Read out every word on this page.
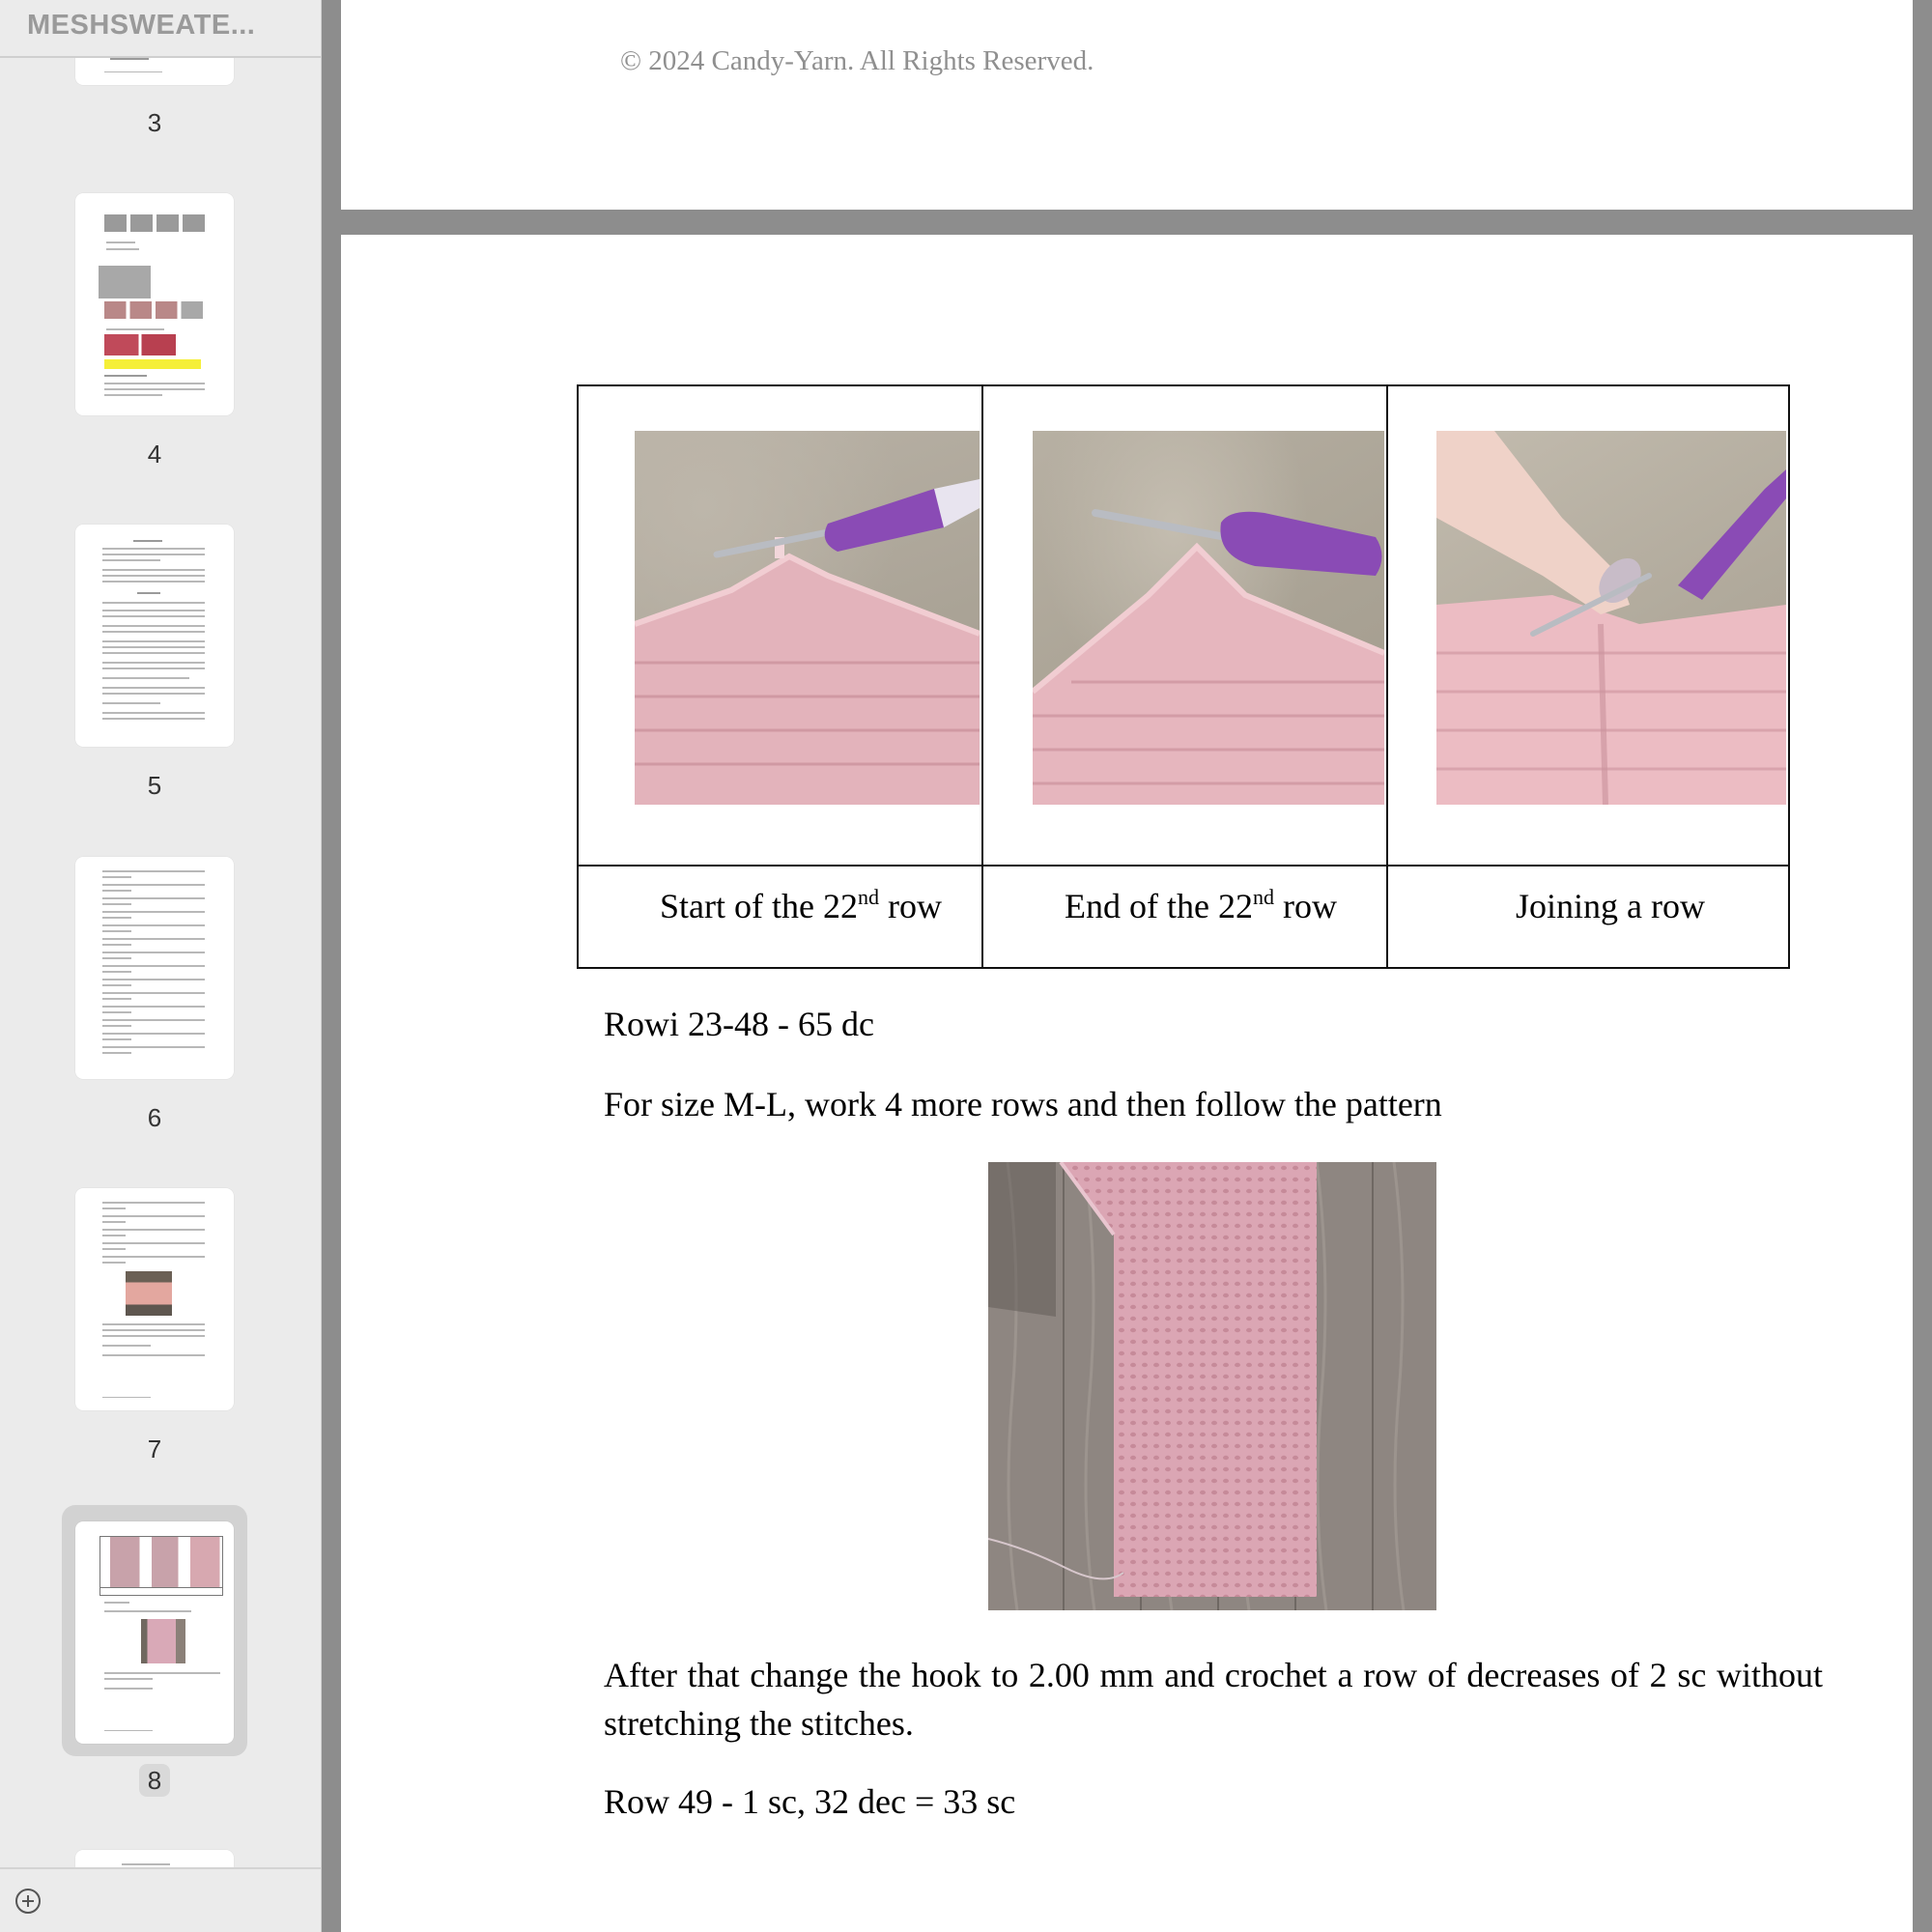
3
4
5
6
7
8
MESHSWEATE...
© 2024 Candy-Yarn. All Rights Reserved.
Start of the 22nd row	End of the 22nd row	Joining a row
Rowi 23-48 - 65 dc
For size M-L, work 4 more rows and then follow the pattern
After that change the hook to 2.00 mm and crochet a row of decreases of 2 sc without stretching the stitches.
Row 49 - 1 sc, 32 dec = 33 sc
